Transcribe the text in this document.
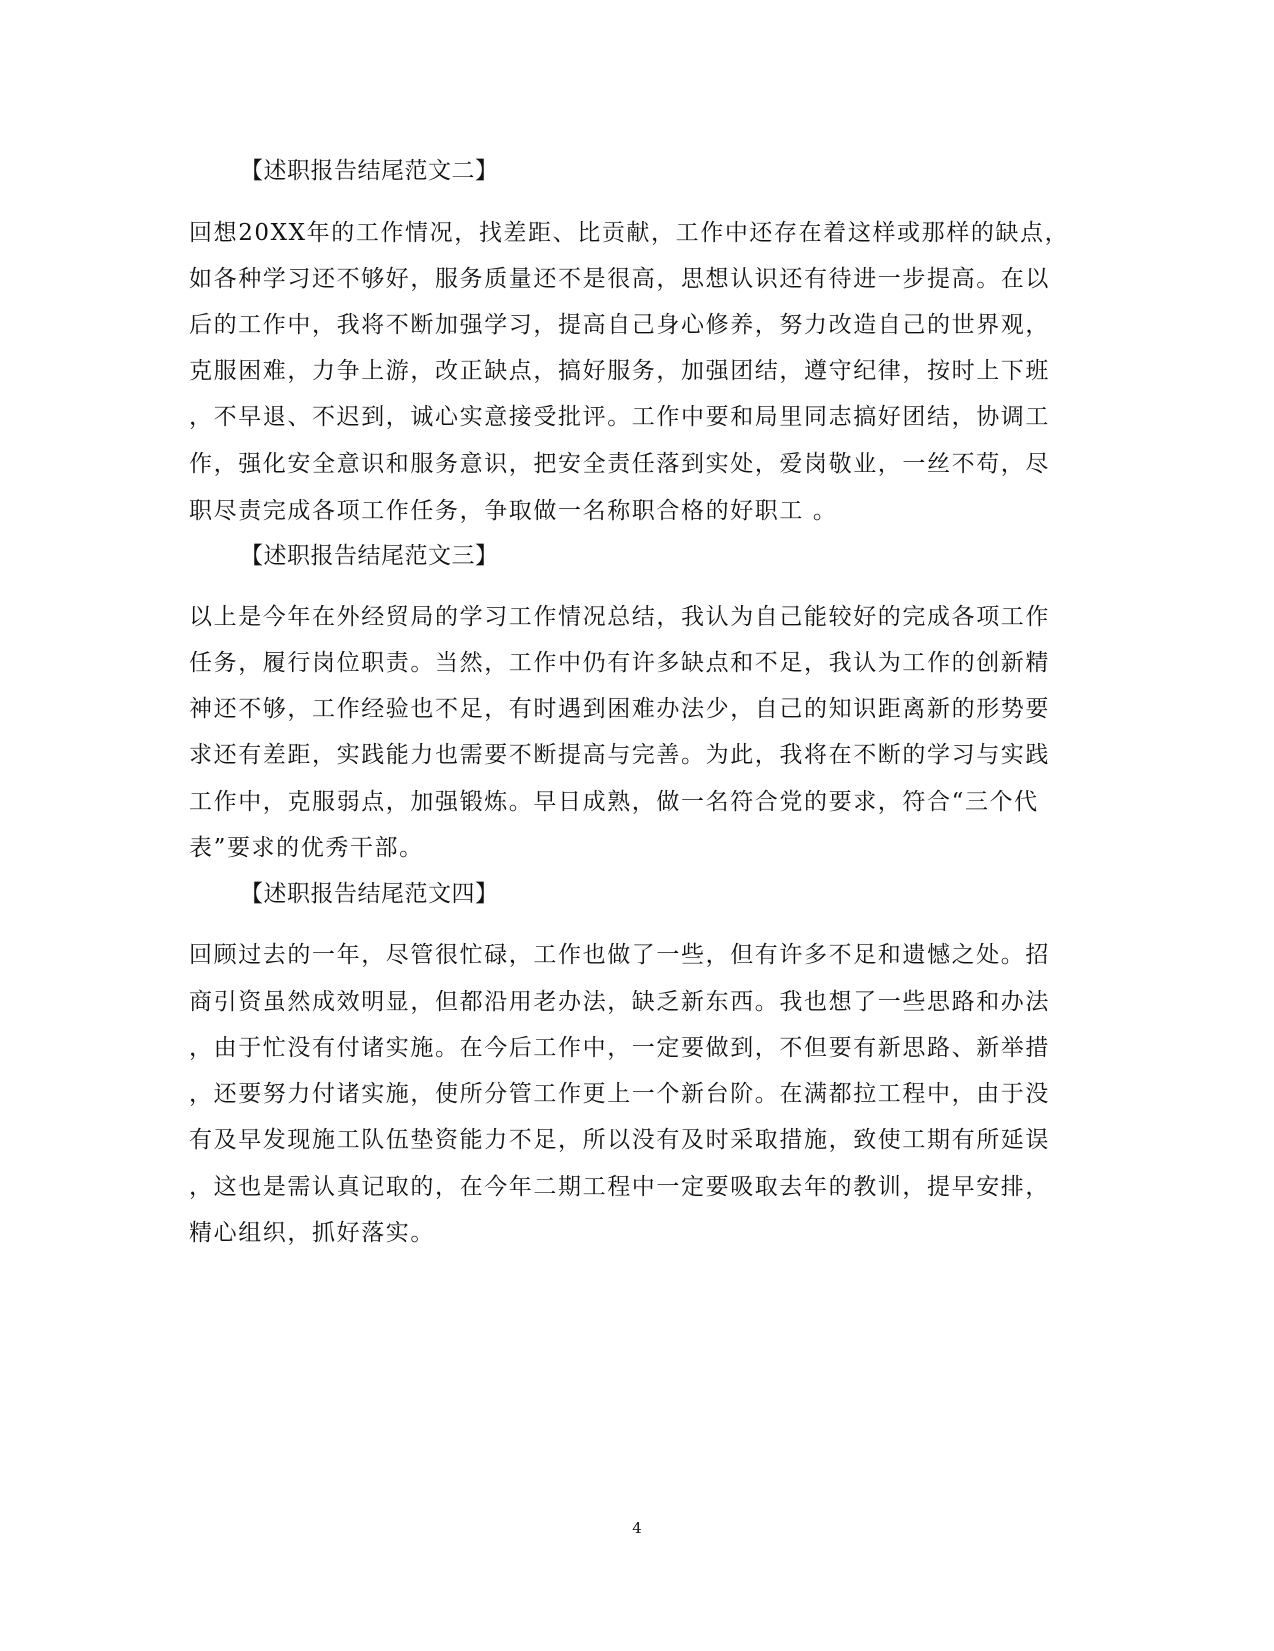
【述职报告结尾范文二】
回想20XX年的工作情况，找差距、比贡献，工作中还存在着这样或那样的缺点，
如各种学习还不够好，服务质量还不是很高，思想认识还有待进一步提高。在以
后的工作中，我将不断加强学习，提高自己身心修养，努力改造自己的世界观，
克服困难，力争上游，改正缺点，搞好服务，加强团结，遵守纪律，按时上下班
，不早退、不迟到，诚心实意接受批评。工作中要和局里同志搞好团结，协调工
作，强化安全意识和服务意识，把安全责任落到实处，爱岗敬业，一丝不苟，尽
职尽责完成各项工作任务，争取做一名称职合格的好职工 。
【述职报告结尾范文三】
以上是今年在外经贸局的学习工作情况总结，我认为自己能较好的完成各项工作
任务，履行岗位职责。当然，工作中仍有许多缺点和不足，我认为工作的创新精
神还不够，工作经验也不足，有时遇到困难办法少，自己的知识距离新的形势要
求还有差距，实践能力也需要不断提高与完善。为此，我将在不断的学习与实践
工作中，克服弱点，加强锻炼。早日成熟，做一名符合党的要求，符合“三个代
表”要求的优秀干部。
【述职报告结尾范文四】
回顾过去的一年，尽管很忙碌，工作也做了一些，但有许多不足和遗憾之处。招
商引资虽然成效明显，但都沿用老办法，缺乏新东西。我也想了一些思路和办法
，由于忙没有付诸实施。在今后工作中，一定要做到，不但要有新思路、新举措
，还要努力付诸实施，使所分管工作更上一个新台阶。在满都拉工程中，由于没
有及早发现施工队伍垫资能力不足，所以没有及时采取措施，致使工期有所延误
，这也是需认真记取的，在今年二期工程中一定要吸取去年的教训，提早安排，
精心组织，抓好落实。
4
